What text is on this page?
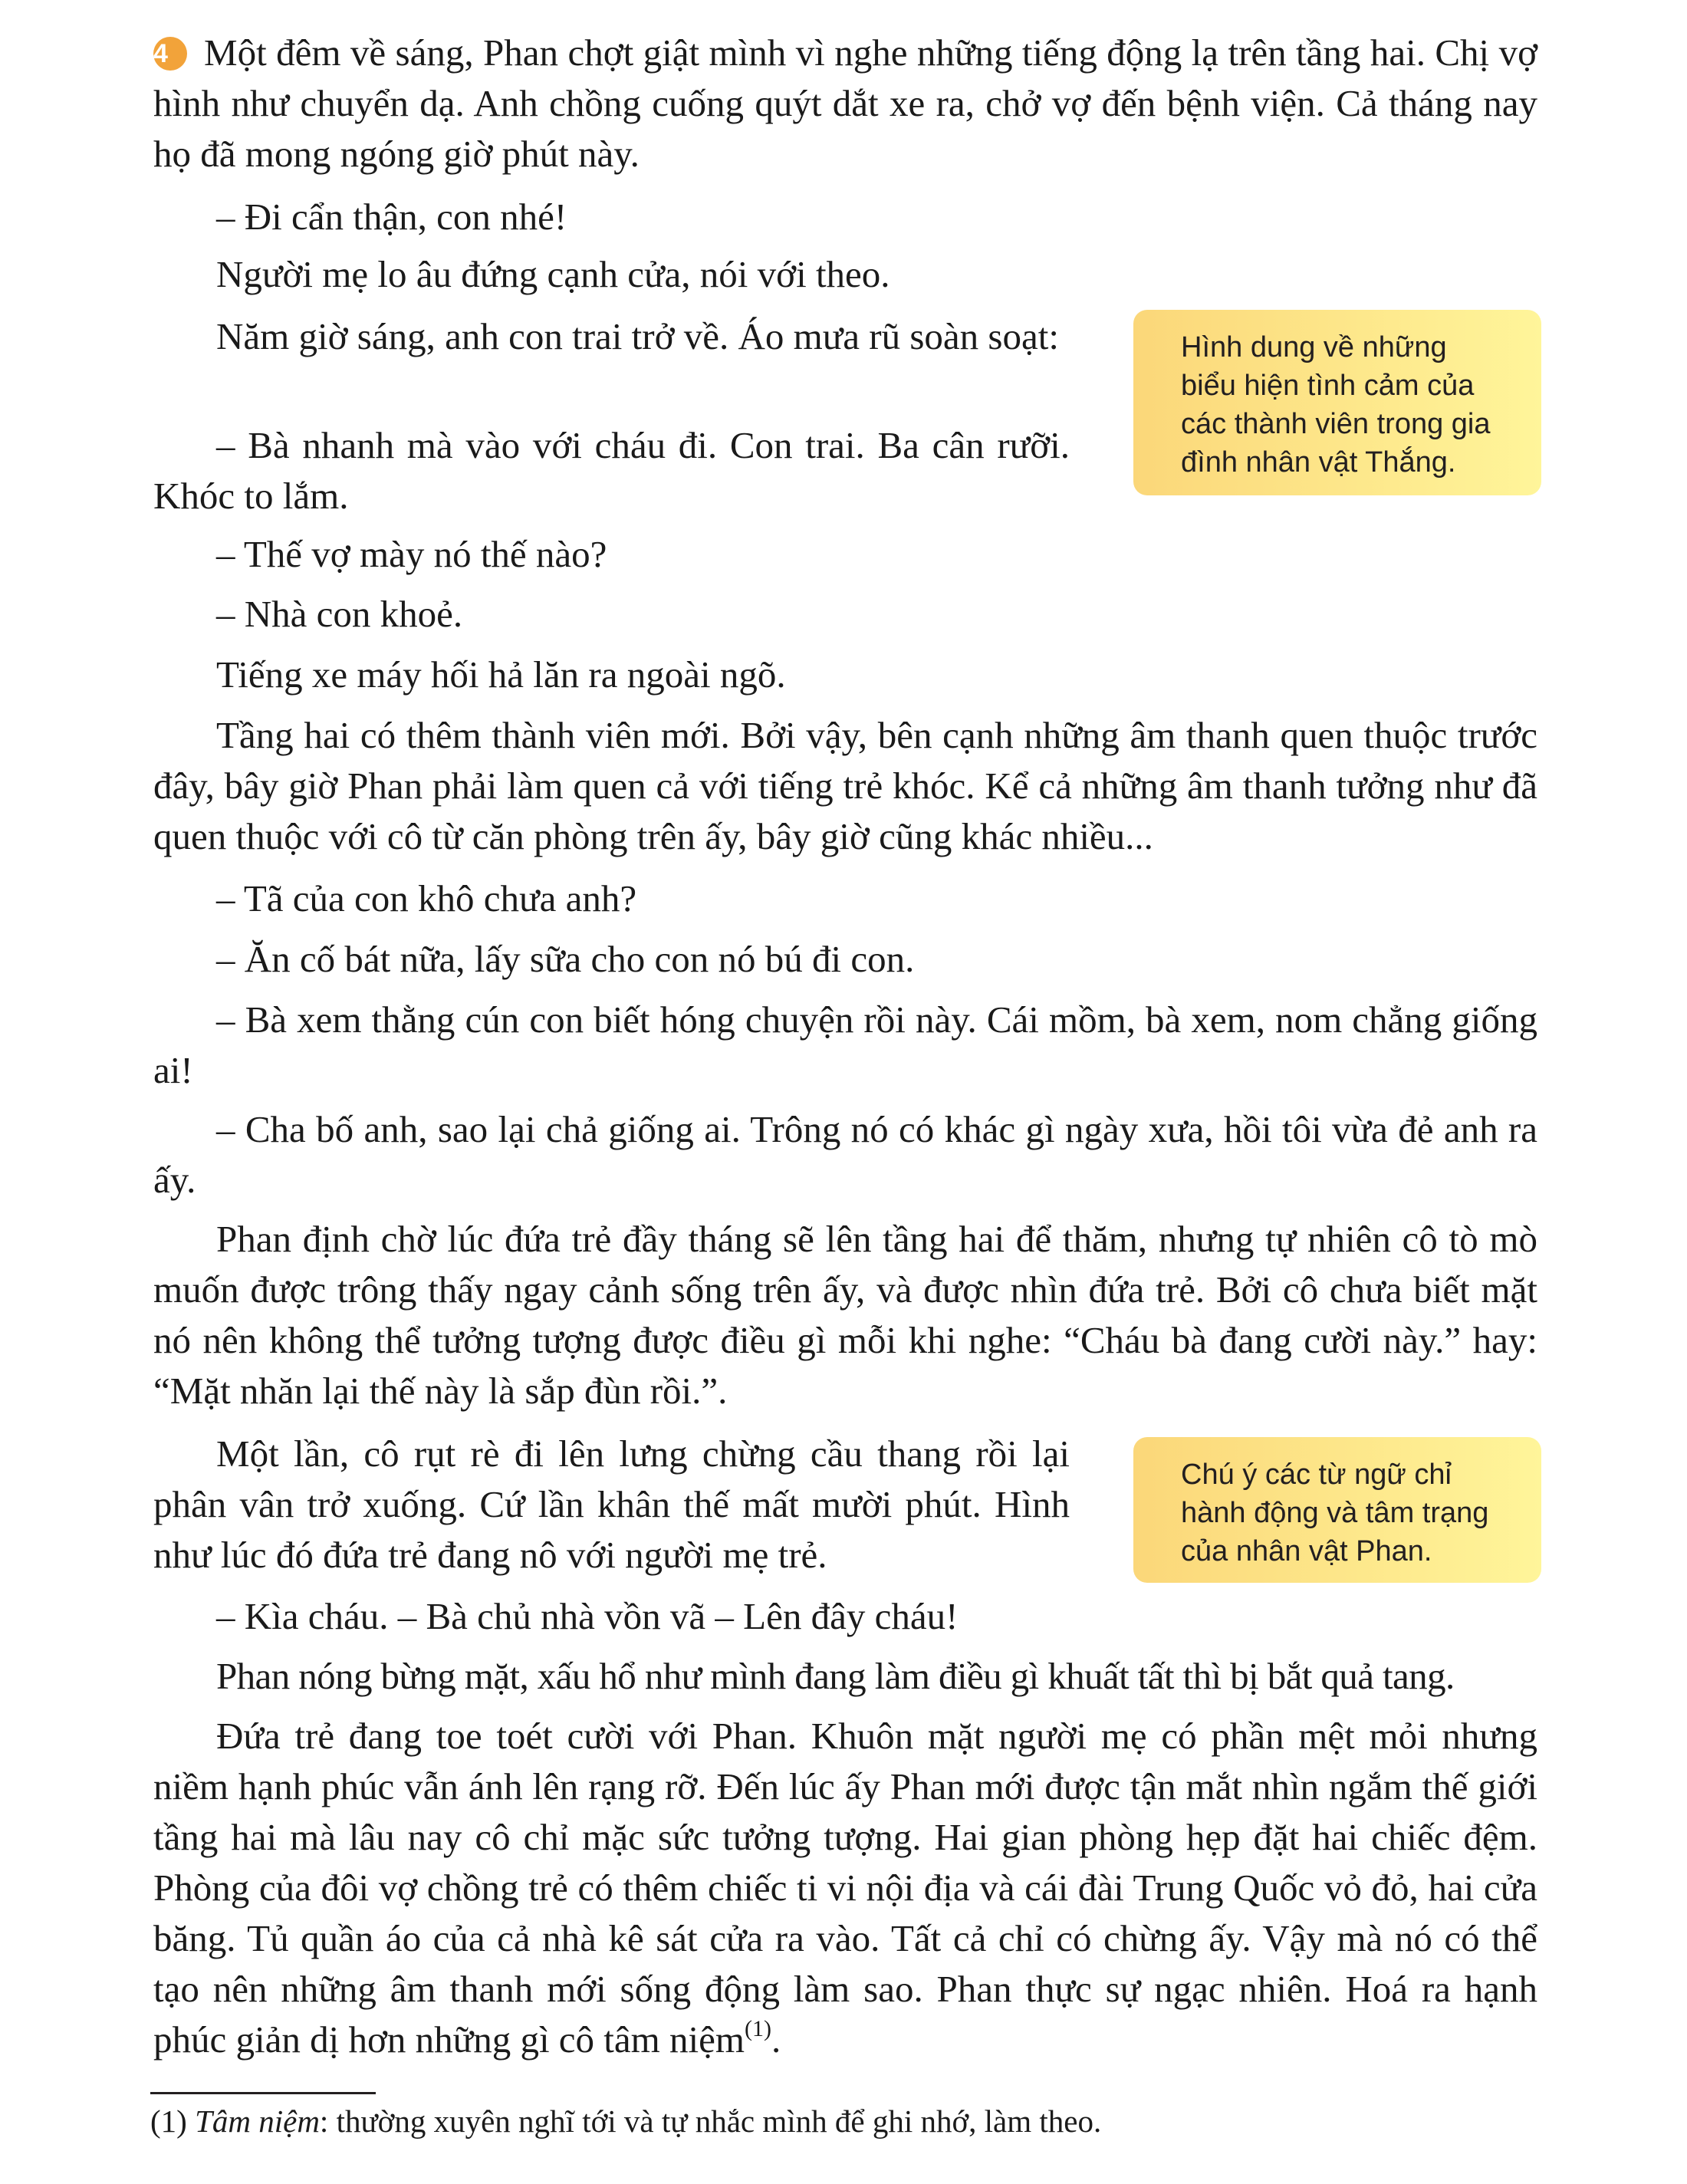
4 Một đêm về sáng, Phan chợt giật mình vì nghe những tiếng động lạ trên tầng hai. Chị vợ hình như chuyển dạ. Anh chồng cuống quýt dắt xe ra, chở vợ đến bệnh viện. Cả tháng nay họ đã mong ngóng giờ phút này.

– Đi cẩn thận, con nhé!

Người mẹ lo âu đứng cạnh cửa, nói với theo.

Năm giờ sáng, anh con trai trở về. Áo mưa rũ soàn soạt:

– Bà nhanh mà vào với cháu đi. Con trai. Ba cân rưỡi. Khóc to lắm.

Hình dung về những
biểu hiện tình cảm của
các thành viên trong gia
đình nhân vật Thắng.

– Thế vợ mày nó thế nào?

– Nhà con khoẻ.

Tiếng xe máy hối hả lăn ra ngoài ngõ.

Tầng hai có thêm thành viên mới. Bởi vậy, bên cạnh những âm thanh quen thuộc trước đây, bây giờ Phan phải làm quen cả với tiếng trẻ khóc. Kể cả những âm thanh tưởng như đã quen thuộc với cô từ căn phòng trên ấy, bây giờ cũng khác nhiều...

– Tã của con khô chưa anh?

– Ăn cố bát nữa, lấy sữa cho con nó bú đi con.

– Bà xem thằng cún con biết hóng chuyện rồi này. Cái mồm, bà xem, nom chẳng giống ai!

– Cha bố anh, sao lại chả giống ai. Trông nó có khác gì ngày xưa, hồi tôi vừa đẻ anh ra ấy.

Phan định chờ lúc đứa trẻ đầy tháng sẽ lên tầng hai để thăm, nhưng tự nhiên cô tò mò muốn được trông thấy ngay cảnh sống trên ấy, và được nhìn đứa trẻ. Bởi cô chưa biết mặt nó nên không thể tưởng tượng được điều gì mỗi khi nghe: “Cháu bà đang cười này.” hay: “Mặt nhăn lại thế này là sắp đùn rồi.”.

Một lần, cô rụt rè đi lên lưng chừng cầu thang rồi lại phân vân trở xuống. Cứ lần khân thế mất mười phút. Hình như lúc đó đứa trẻ đang nô với người mẹ trẻ.

Chú ý các từ ngữ chỉ
hành động và tâm trạng
của nhân vật Phan.

– Kìa cháu. – Bà chủ nhà vồn vã – Lên đây cháu!

Phan nóng bừng mặt, xấu hổ như mình đang làm điều gì khuất tất thì bị bắt quả tang.

Đứa trẻ đang toe toét cười với Phan. Khuôn mặt người mẹ có phần mệt mỏi nhưng niềm hạnh phúc vẫn ánh lên rạng rỡ. Đến lúc ấy Phan mới được tận mắt nhìn ngắm thế giới tầng hai mà lâu nay cô chỉ mặc sức tưởng tượng. Hai gian phòng hẹp đặt hai chiếc đệm. Phòng của đôi vợ chồng trẻ có thêm chiếc ti vi nội địa và cái đài Trung Quốc vỏ đỏ, hai cửa băng. Tủ quần áo của cả nhà kê sát cửa ra vào. Tất cả chỉ có chừng ấy. Vậy mà nó có thể tạo nên những âm thanh mới sống động làm sao. Phan thực sự ngạc nhiên. Hoá ra hạnh phúc giản dị hơn những gì cô tâm niệm$^{(1)}$.

(1) Tâm niệm: thường xuyên nghĩ tới và tự nhắc mình để ghi nhớ, làm theo.
